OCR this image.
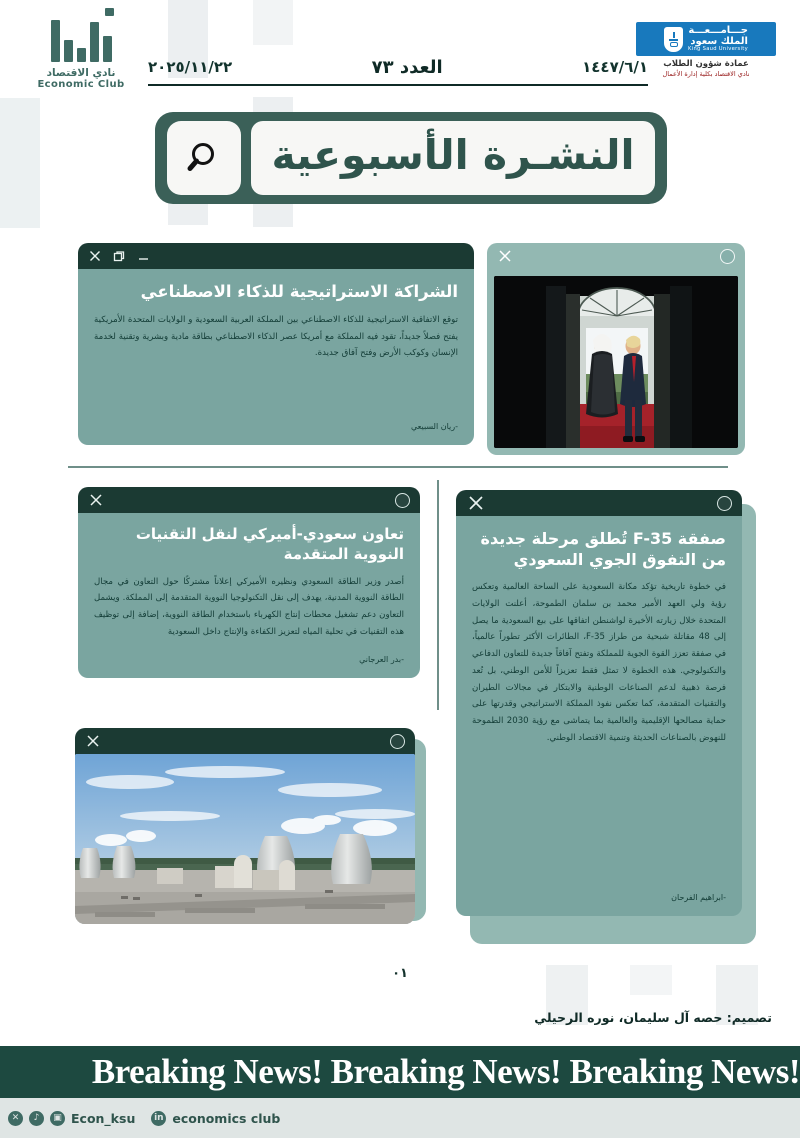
نادي الاقتصاد
Economic Club
جـــامـــعـــة
الملك سعود
King Saud University
عمادة شؤون الطلاب
نادي الاقتصاد بكلية إدارة الأعمال
١٤٤٧/٦/١
العدد ٧٣
٢٠٢٥/١١/٢٢
النشـرة الأسبوعية
الشراكة الاستراتيجية للذكاء الاصطناعي
توقع الاتفاقية الاستراتيجية للذكاء الاصطناعي بين المملكة العربية السعودية و الولايات المتحدة الأمريكية يفتح فصلاً جديداً، تقود فيه المملكة مع أمريكا عصر الذكاء الاصطناعي بطاقة مادية وبشرية وتقنية لخدمة الإنسان وكوكب الأرض وفتح آفاق جديدة.
-ريان السبيعي
تعاون سعودي-أميركي لنقل التقنيات النووية المتقدمة
أصدر وزير الطاقة السعودي ونظيره الأميركي إعلاناً مشتركًا حول التعاون في مجال الطاقة النووية المدنية، يهدف إلى نقل التكنولوجيا النووية المتقدمة إلى المملكة. ويشمل التعاون دعم تشغيل محطات إنتاج الكهرباء باستخدام الطاقة النووية، إضافة إلى توظيف هذه التقنيات في تحلية المياه لتعزيز الكفاءة والإنتاج داخل السعودية
-بدر العرجاني
صفقة F-35 تُطلق مرحلة جديدة من التفوق الجوي السعودي
في خطوة تاريخية تؤكد مكانة السعودية على الساحة العالمية وتعكس رؤية ولي العهد الأمير محمد بن سلمان الطموحة، أعلنت الولايات المتحدة خلال زيارته الأخيرة لواشنطن اتفاقها على بيع السعودية ما يصل إلى 48 مقاتلة شبحية من طراز F-35، الطائرات الأكثر تطوراً عالمياً، في صفقة تعزز القوة الجوية للمملكة وتفتح آفاقاً جديدة للتعاون الدفاعي والتكنولوجي. هذه الخطوة لا تمثل فقط تعزيزاً للأمن الوطني، بل تُعد فرصة ذهبية لدعم الصناعات الوطنية والابتكار في مجالات الطيران والتقنيات المتقدمة، كما تعكس نفوذ المملكة الاستراتيجي وقدرتها على حماية مصالحها الإقليمية والعالمية بما يتماشى مع رؤية 2030 الطموحة للنهوض بالصناعات الحديثة وتنمية الاقتصاد الوطني.
-ابراهيم الفرحان
٠١
تصميم: حصه آل سليمان، نوره الرحيلي
Breaking News! Breaking News! Breaking News!
✕	♪	▣ Econ_ksu	in economics club
